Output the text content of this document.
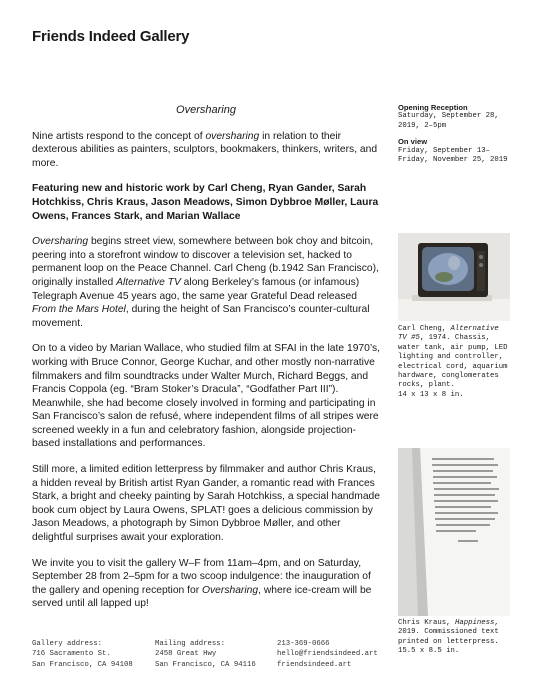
Friends Indeed Gallery

Oversharing

Nine artists respond to the concept of oversharing in relation to their dexterous abilities as painters, sculptors, bookmakers, thinkers, writers, and more.

Featuring new and historic work by Carl Cheng, Ryan Gander, Sarah Hotchkiss, Chris Kraus, Jason Meadows, Simon Dybbroe Møller, Laura Owens, Frances Stark, and Marian Wallace

Oversharing begins street view, somewhere between bok choy and bitcoin, peering into a storefront window to discover a television set, hacked to permanent loop on the Peace Channel. Carl Cheng (b.1942 San Francisco), originally installed Alternative TV along Berkeley’s famous (or infamous) Telegraph Avenue 45 years ago, the same year Grateful Dead released From the Mars Hotel, during the height of San Francisco’s counter-cultural movement.

On to a video by Marian Wallace, who studied film at SFAI in the late 1970’s, working with Bruce Connor, George Kuchar, and other mostly non-narrative filmmakers and film soundtracks under Walter Murch, Richard Beggs, and Francis Coppola (eg. “Bram Stoker’s Dracula”, “Godfather Part III”). Meanwhile, she had become closely involved in forming and participating in San Francisco’s salon de refusé, where independent films of all stripes were screened weekly in a fun and celebratory fashion, alongside projection-based installations and performances.

Still more, a limited edition letterpress by filmmaker and author Chris Kraus, a hidden reveal by British artist Ryan Gander, a romantic read with Frances Stark, a bright and cheeky painting by Sarah Hotchkiss, a special handmade book cum object by Laura Owens, SPLAT! goes a delicious commission by Jason Meadows, a photograph by Simon Dybbroe Møller, and other delightful surprises await your exploration.

We invite you to visit the gallery W–F from 11am–4pm, and on Saturday, September 28 from 2–5pm for a two scoop indulgence: the inauguration of the gallery and opening reception for Oversharing, where ice-cream will be served until all lapped up!

Opening Reception

Saturday, September 28, 2019, 2–5pm

On view

Friday, September 13–Friday, November 25, 2019

Carl Cheng, Alternative TV #5, 1974. Chassis, water tank, air pump, LED lighting and controller, electrical cord, aquarium hardware, conglomerates rocks, plant.

14 x 13 x 8 in.

Chris Kraus, Happiness, 2019. Commissioned text printed on letterpress.

15.5 x 8.5 in.

Gallery address:

716 Sacramento St.

San Francisco, CA 94108

Mailing address:

2458 Great Hwy

San Francisco, CA 94116

213-369-0666

hello@friendsindeed.art

friendsindeed.art
